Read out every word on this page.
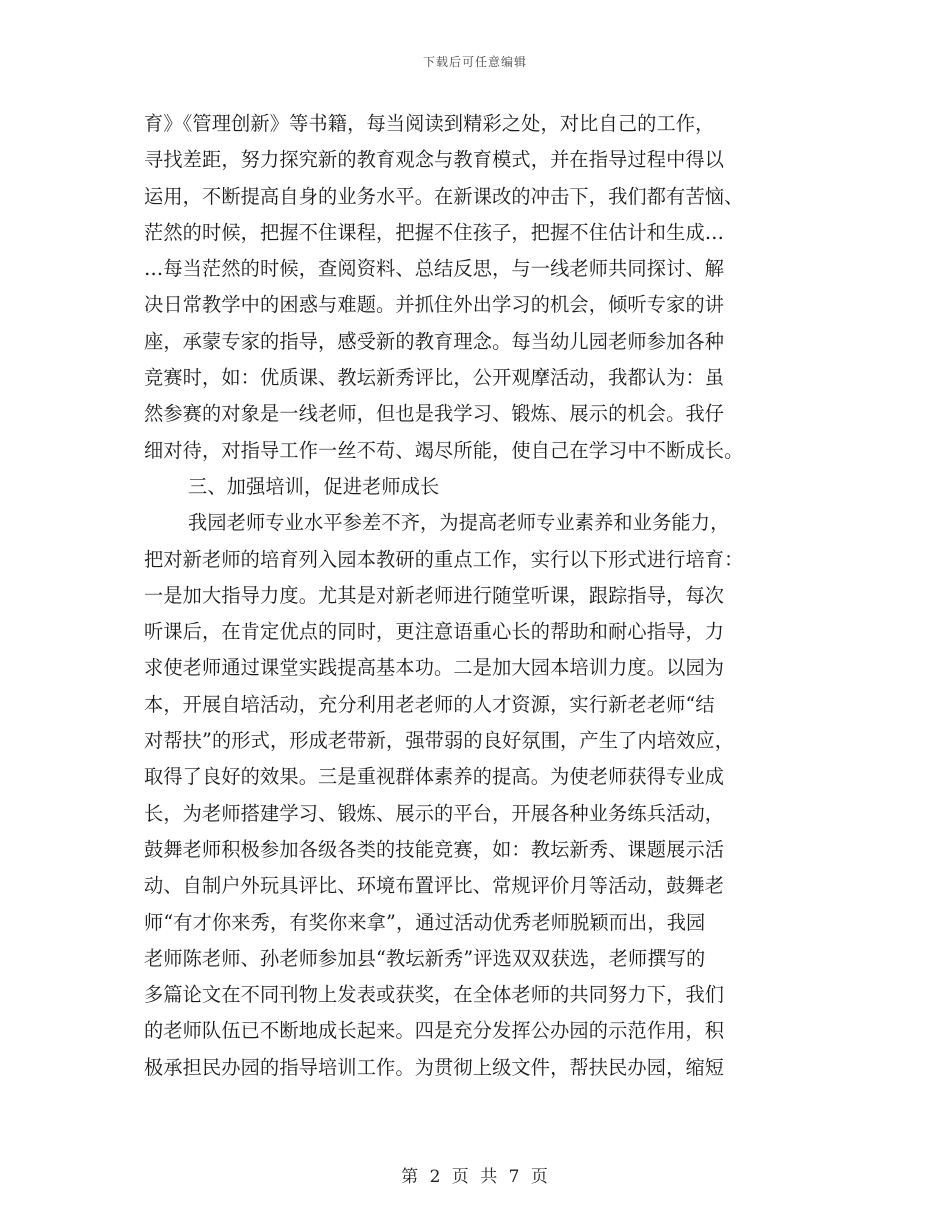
下载后可任意编辑
育》《管理创新》等书籍，每当阅读到精彩之处，对比自己的工作，
寻找差距，努力探究新的教育观念与教育模式，并在指导过程中得以
运用，不断提高自身的业务水平。在新课改的冲击下，我们都有苦恼、
茫然的时候，把握不住课程，把握不住孩子，把握不住估计和生成…
…每当茫然的时候，查阅资料、总结反思，与一线老师共同探讨、解
决日常教学中的困惑与难题。并抓住外出学习的机会，倾听专家的讲
座，承蒙专家的指导，感受新的教育理念。每当幼儿园老师参加各种
竞赛时，如：优质课、教坛新秀评比，公开观摩活动，我都认为：虽
然参赛的对象是一线老师，但也是我学习、锻炼、展示的机会。我仔
细对待，对指导工作一丝不苟、竭尽所能，使自己在学习中不断成长。
三、加强培训，促进老师成长
我园老师专业水平参差不齐，为提高老师专业素养和业务能力，
把对新老师的培育列入园本教研的重点工作，实行以下形式进行培育：
一是加大指导力度。尤其是对新老师进行随堂听课，跟踪指导，每次
听课后，在肯定优点的同时，更注意语重心长的帮助和耐心指导，力
求使老师通过课堂实践提高基本功。二是加大园本培训力度。以园为
本，开展自培活动，充分利用老老师的人才资源，实行新老老师“结
对帮扶”的形式，形成老带新，强带弱的良好氛围，产生了内培效应，
取得了良好的效果。三是重视群体素养的提高。为使老师获得专业成
长，为老师搭建学习、锻炼、展示的平台，开展各种业务练兵活动，
鼓舞老师积极参加各级各类的技能竞赛，如：教坛新秀、课题展示活
动、自制户外玩具评比、环境布置评比、常规评价月等活动，鼓舞老
师“有才你来秀，有奖你来拿”，通过活动优秀老师脱颖而出，我园
老师陈老师、孙老师参加县“教坛新秀”评选双双获选，老师撰写的
多篇论文在不同刊物上发表或获奖，在全体老师的共同努力下，我们
的老师队伍已不断地成长起来。四是充分发挥公办园的示范作用，积
极承担民办园的指导培训工作。为贯彻上级文件，帮扶民办园，缩短
第 2 页 共 7 页
